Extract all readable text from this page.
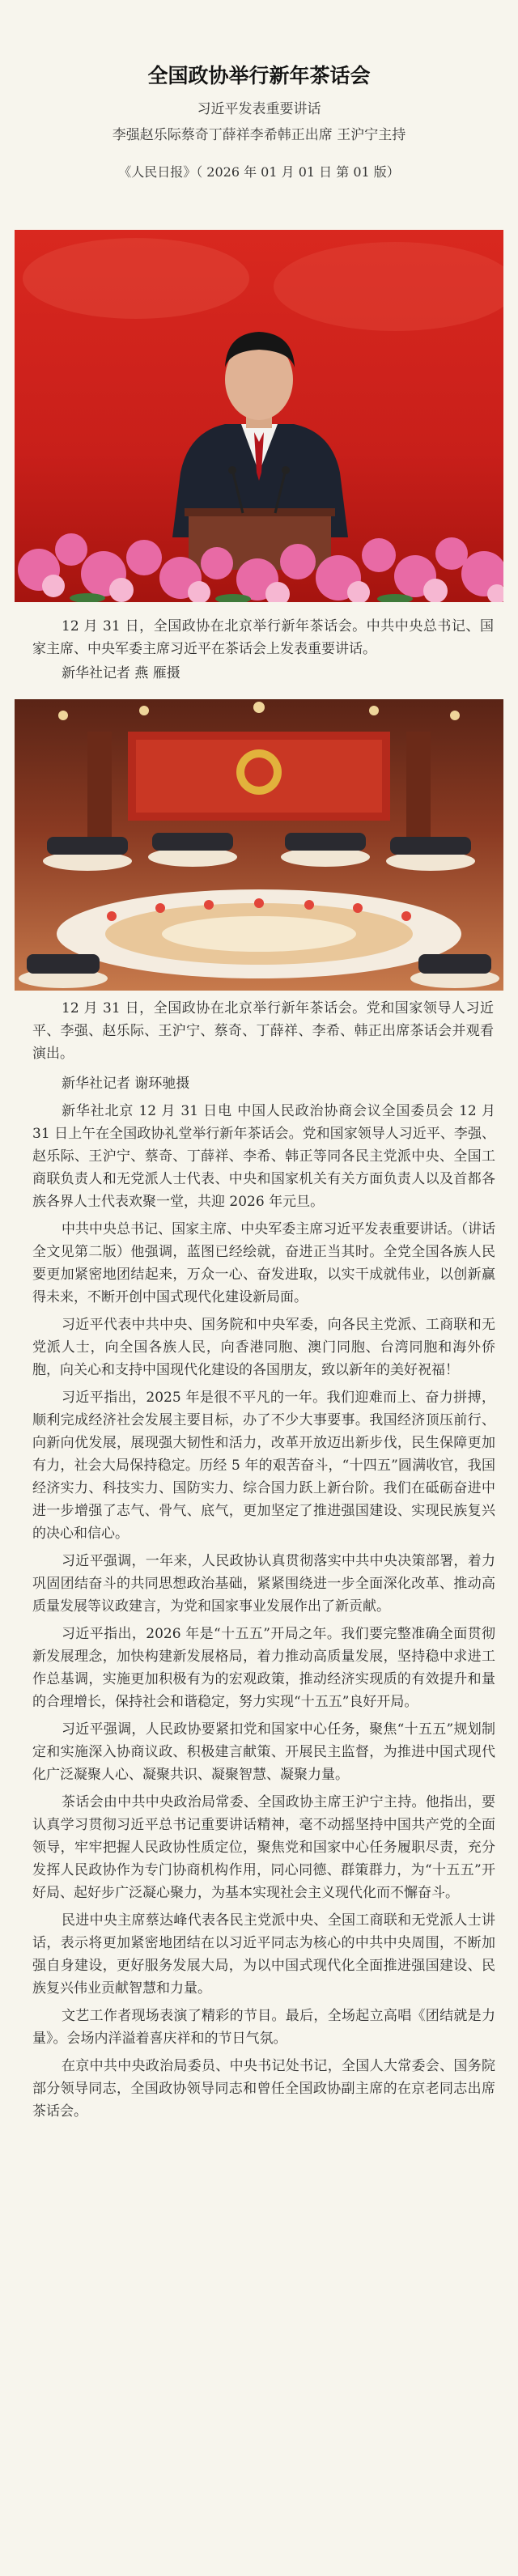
全国政协举行新年茶话会
习近平发表重要讲话
李强赵乐际蔡奇丁薛祥李希韩正出席 王沪宁主持
《人民日报》（ 2026 年 01 月 01 日 第 01 版）
12 月 31 日，全国政协在北京举行新年茶话会。中共中央总书记、国家主席、中央军委主席习近平在茶话会上发表重要讲话。
新华社记者 燕 雁摄
12 月 31 日，全国政协在北京举行新年茶话会。党和国家领导人习近平、李强、赵乐际、王沪宁、蔡奇、丁薛祥、李希、韩正出席茶话会并观看演出。

新华社记者 谢环驰摄

新华社北京 12 月 31 日电 中国人民政治协商会议全国委员会 12 月 31 日上午在全国政协礼堂举行新年茶话会。党和国家领导人习近平、李强、赵乐际、王沪宁、蔡奇、丁薛祥、李希、韩正等同各民主党派中央、全国工商联负责人和无党派人士代表、中央和国家机关有关方面负责人以及首都各族各界人士代表欢聚一堂，共迎 2026 年元旦。

中共中央总书记、国家主席、中央军委主席习近平发表重要讲话。（讲话全文见第二版）他强调，蓝图已经绘就，奋进正当其时。全党全国各族人民要更加紧密地团结起来，万众一心、奋发进取，以实干成就伟业，以创新赢得未来，不断开创中国式现代化建设新局面。

习近平代表中共中央、国务院和中央军委，向各民主党派、工商联和无党派人士，向全国各族人民，向香港同胞、澳门同胞、台湾同胞和海外侨胞，向关心和支持中国现代化建设的各国朋友，致以新年的美好祝福！

习近平指出，2025 年是很不平凡的一年。我们迎难而上、奋力拼搏，顺利完成经济社会发展主要目标，办了不少大事要事。我国经济顶压前行、向新向优发展，展现强大韧性和活力，改革开放迈出新步伐，民生保障更加有力，社会大局保持稳定。历经 5 年的艰苦奋斗，“十四五”圆满收官，我国经济实力、科技实力、国防实力、综合国力跃上新台阶。我们在砥砺奋进中进一步增强了志气、骨气、底气，更加坚定了推进强国建设、实现民族复兴的决心和信心。

习近平强调，一年来，人民政协认真贯彻落实中共中央决策部署，着力巩固团结奋斗的共同思想政治基础，紧紧围绕进一步全面深化改革、推动高质量发展等议政建言，为党和国家事业发展作出了新贡献。

习近平指出，2026 年是“十五五”开局之年。我们要完整准确全面贯彻新发展理念，加快构建新发展格局，着力推动高质量发展，坚持稳中求进工作总基调，实施更加积极有为的宏观政策，推动经济实现质的有效提升和量的合理增长，保持社会和谐稳定，努力实现“十五五”良好开局。

习近平强调，人民政协要紧扣党和国家中心任务，聚焦“十五五”规划制定和实施深入协商议政、积极建言献策、开展民主监督，为推进中国式现代化广泛凝聚人心、凝聚共识、凝聚智慧、凝聚力量。

茶话会由中共中央政治局常委、全国政协主席王沪宁主持。他指出，要认真学习贯彻习近平总书记重要讲话精神，毫不动摇坚持中国共产党的全面领导，牢牢把握人民政协性质定位，聚焦党和国家中心任务履职尽责，充分发挥人民政协作为专门协商机构作用，同心同德、群策群力，为“十五五”开好局、起好步广泛凝心聚力，为基本实现社会主义现代化而不懈奋斗。

民进中央主席蔡达峰代表各民主党派中央、全国工商联和无党派人士讲话，表示将更加紧密地团结在以习近平同志为核心的中共中央周围，不断加强自身建设，更好服务发展大局，为以中国式现代化全面推进强国建设、民族复兴伟业贡献智慧和力量。

文艺工作者现场表演了精彩的节目。最后，全场起立高唱《团结就是力量》。会场内洋溢着喜庆祥和的节日气氛。

在京中共中央政治局委员、中央书记处书记，全国人大常委会、国务院部分领导同志，全国政协领导同志和曾任全国政协副主席的在京老同志出席茶话会。
